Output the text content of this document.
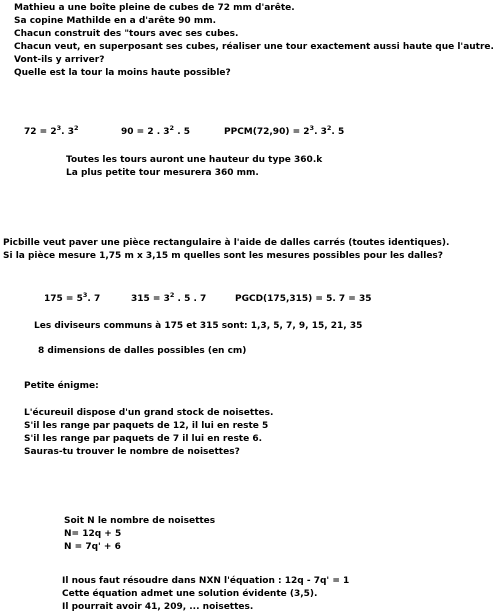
Mathieu a une boîte pleine de cubes de 72 mm d'arête.
Sa copine Mathilde en a d'arête 90 mm.
Chacun construit des "tours avec ses cubes.
Chacun veut, en superposant ses cubes, réaliser une tour exactement aussi haute que l'autre.
Vont-ils y arriver?
Quelle est la tour la moins haute possible?
$72 = 2^3$. $3^2$	90 = 2 . $3^2$ . 5	PPCM(72,90) = $2^3$. $3^2$. 5
Toutes les tours auront une hauteur du type 360.k
La plus petite tour mesurera 360 mm.
Picbille veut paver une pièce rectangulaire à l'aide de dalles carrés (toutes identiques).
Si la pièce mesure 1,75 m x 3,15 m quelles sont les mesures possibles pour les dalles?
$175 = 5^3$. 7	$315 = 3^2$ . 5 . 7	PGCD(175,315) = 5. 7 = 35
Les diviseurs communs à 175 et 315 sont: 1,3, 5, 7, 9, 15, 21, 35
8 dimensions de dalles possibles (en cm)
Petite énigme:
L'écureuil dispose d'un grand stock de noisettes.
S'il les range par paquets de 12, il lui en reste 5
S'il les range par paquets de 7 il lui en reste 6.
Sauras-tu trouver le nombre de noisettes?
Soit N le nombre de noisettes
N= 12q + 5
N = 7q' + 6
Il nous faut résoudre dans NXN l'équation : 12q - 7q' = 1
Cette équation admet une solution évidente (3,5).
Il pourrait avoir 41, 209, ... noisettes.
